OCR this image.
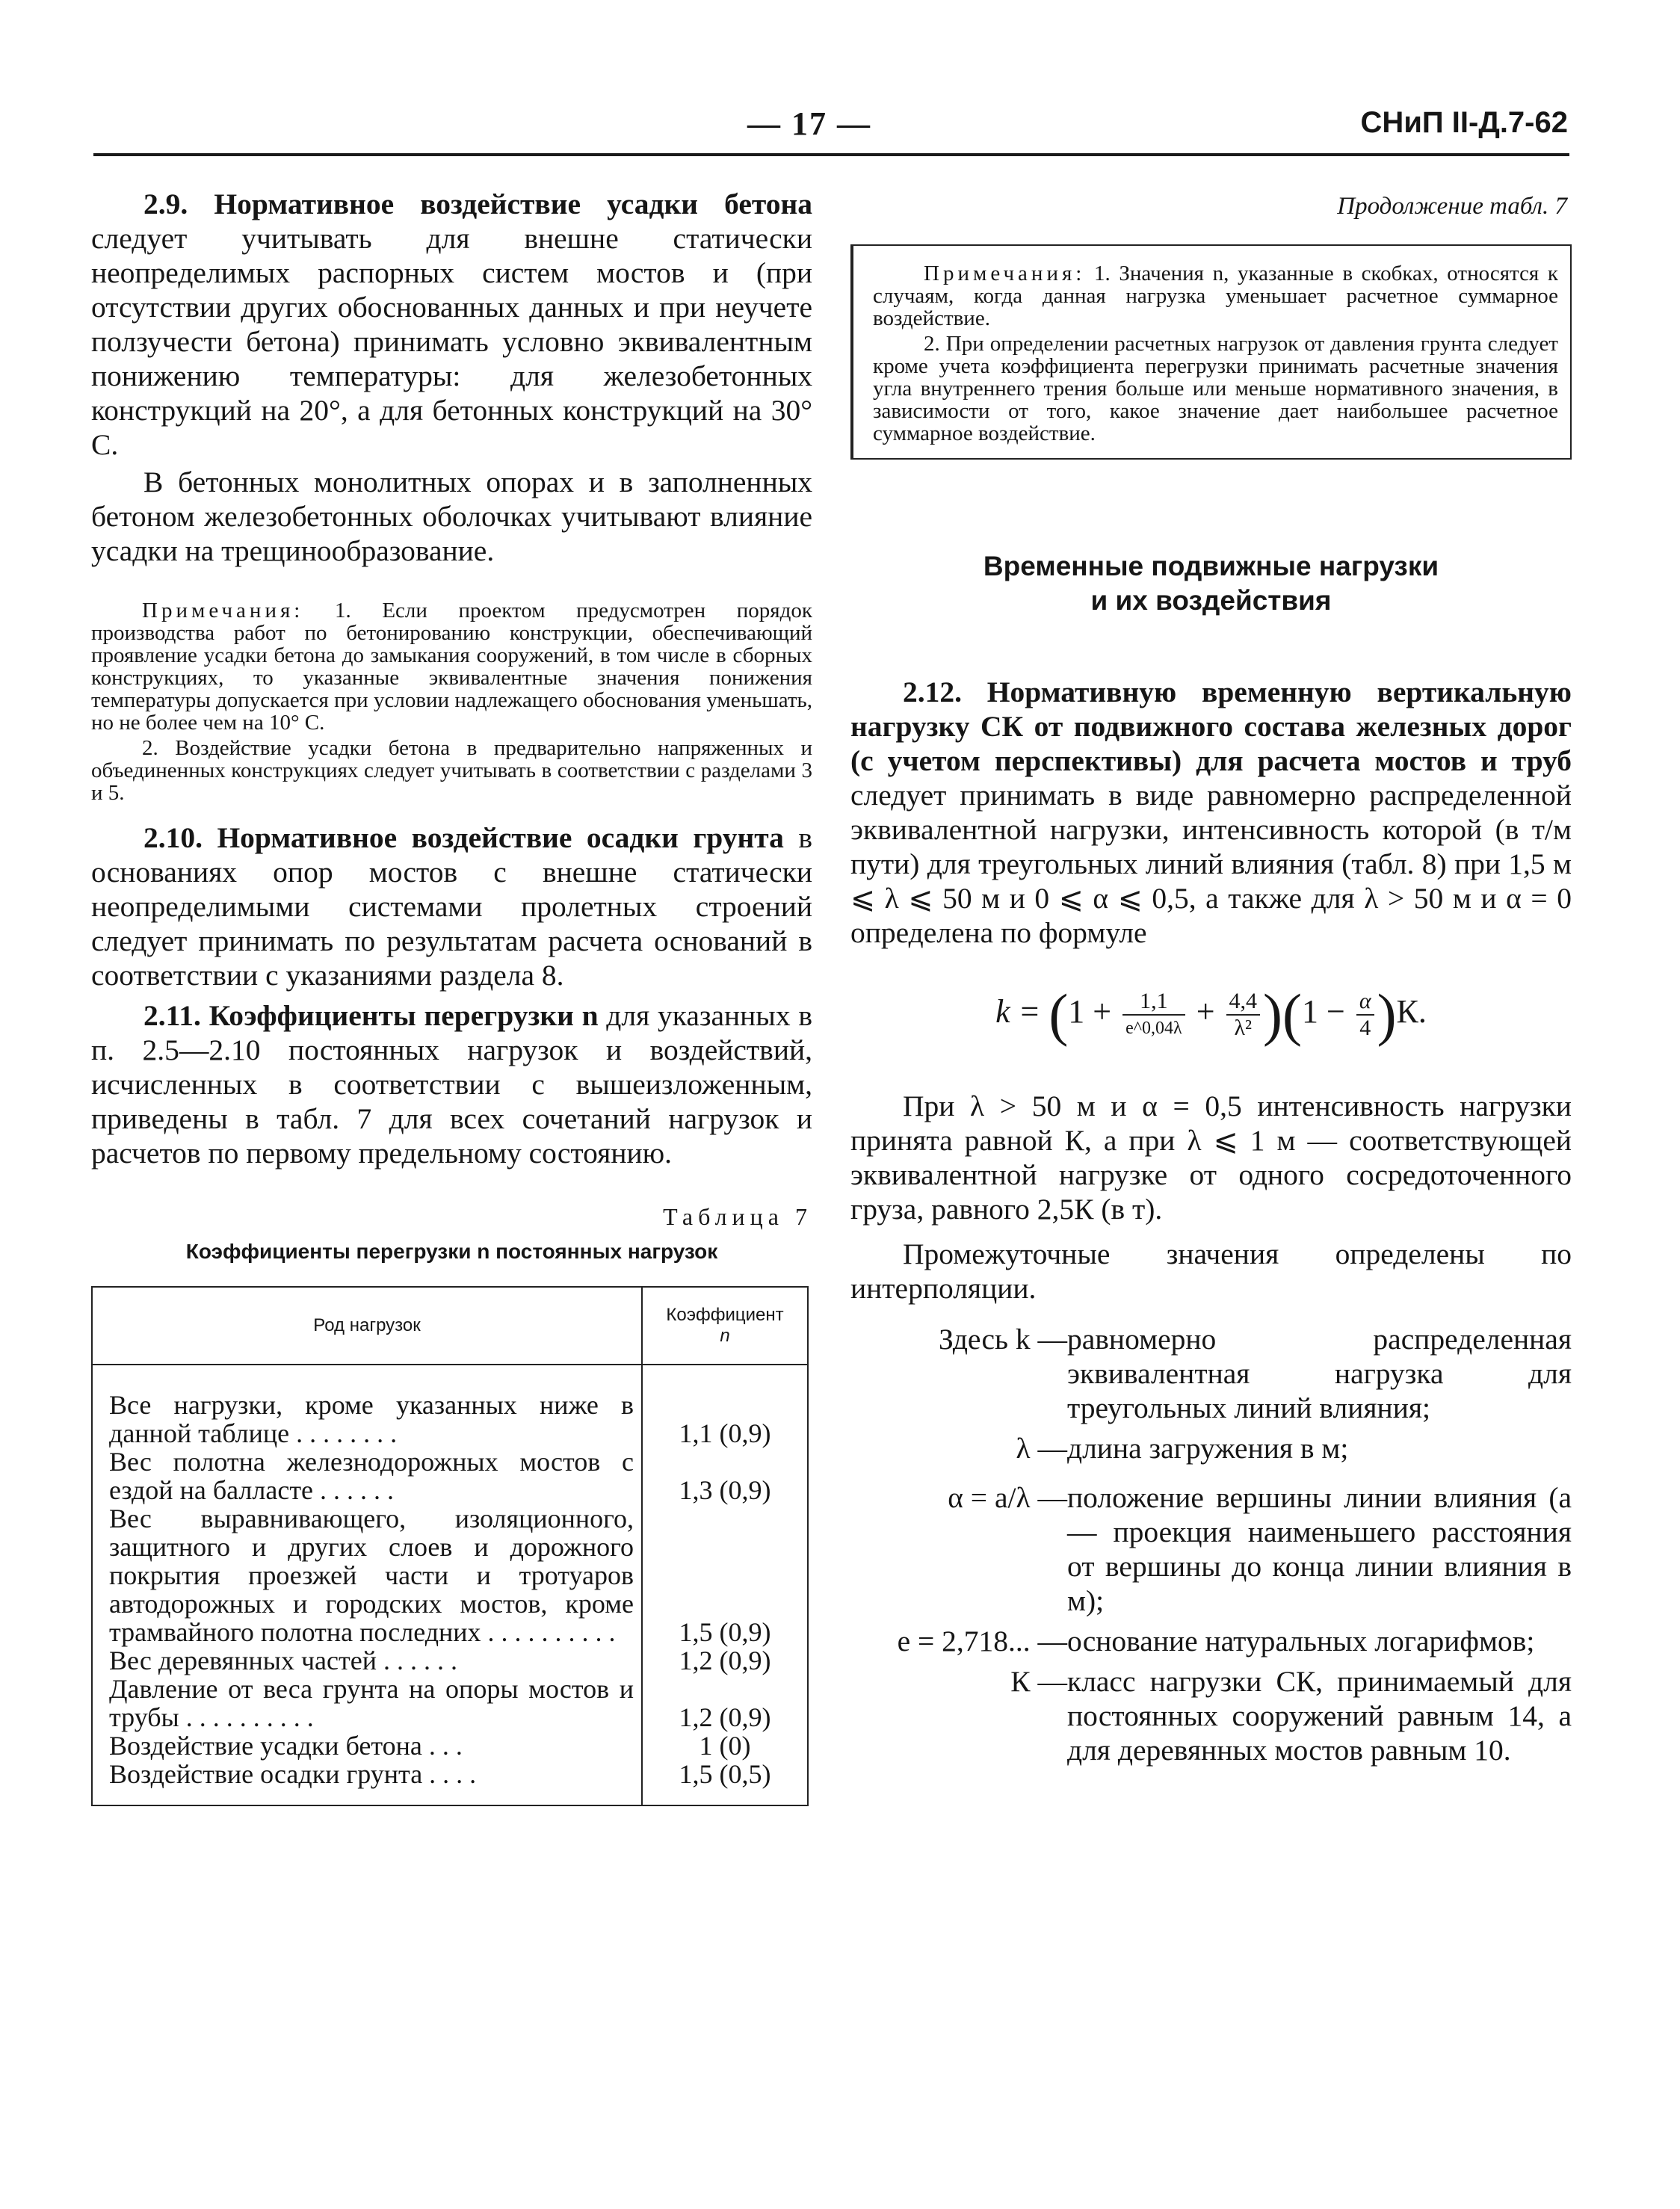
— 17 —	СНиП II-Д.7-62

2.9. Нормативное воздействие усадки бетона следует учитывать для внешне статически неопределимых распорных систем мостов и (при отсутствии других обоснованных данных и при неучете ползучести бетона) принимать условно эквивалентным понижению температуры: для железобетонных конструкций на 20°, а для бетонных конструкций на 30° С.

В бетонных монолитных опорах и в заполненных бетоном железобетонных оболочках учитывают влияние усадки на трещинообразование.

Примечания: 1. Если проектом предусмотрен порядок производства работ по бетонированию конструкции, обеспечивающий проявление усадки бетона до замыкания сооружений, в том числе в сборных конструкциях, то указанные эквивалентные значения понижения температуры допускается при условии надлежащего обоснования уменьшать, но не более чем на 10° С.

2. Воздействие усадки бетона в предварительно напряженных и объединенных конструкциях следует учитывать в соответствии с разделами 3 и 5.

2.10. Нормативное воздействие осадки грунта в основаниях опор мостов с внешне статически неопределимыми системами пролетных строений следует принимать по результатам расчета оснований в соответствии с указаниями раздела 8.

2.11. Коэффициенты перегрузки n для указанных в п. 2.5—2.10 постоянных нагрузок и воздействий, исчисленных в соответствии с вышеизложенным, приведены в табл. 7 для всех сочетаний нагрузок и расчетов по первому предельному состоянию.

Таблица 7

Коэффициенты перегрузки n постоянных нагрузок

Род нагрузок	Коэффициент
n

Все нагрузки, кроме указанных ниже в данной таблице . . . . . . . .	1,1 (0,9)
Вес полотна железнодорожных мостов с ездой на балласте . . . . . .	1,3 (0,9)
Вес выравнивающего, изоляционного, защитного и других слоев и дорожного покрытия проезжей части и тротуаров автодорожных и городских мостов, кроме трамвайного полотна последних . . . . . . . . . .	1,5 (0,9)
Вес деревянных частей . . . . . .	1,2 (0,9)
Давление от веса грунта на опоры мостов и трубы . . . . . . . . . .	1,2 (0,9)
Воздействие усадки бетона . . .	1 (0)
Воздействие осадки грунта . . . .	1,5 (0,5)

Продолжение табл. 7

Примечания: 1. Значения n, указанные в скобках, относятся к случаям, когда данная нагрузка уменьшает расчетное суммарное воздействие.

2. При определении расчетных нагрузок от давления грунта следует кроме учета коэффициента перегрузки принимать расчетные значения угла внутреннего трения больше или меньше нормативного значения, в зависимости от того, какое значение дает наибольшее расчетное суммарное воздействие.

Временные подвижные нагрузки

и их воздействия

2.12. Нормативную временную вертикальную нагрузку СК от подвижного состава железных дорог (с учетом перспективы) для расчета мостов и труб следует принимать в виде равномерно распределенной эквивалентной нагрузки, интенсивность которой (в т/м пути) для треугольных линий влияния (табл. 8) при 1,5 м ⩽ λ ⩽ 50 м и 0 ⩽ α ⩽ 0,5, а также для λ > 50 м и α = 0 определена по формуле

$k = (1 + \frac{1,1}{e\^{}0,04\lambda} + \frac{4,4}{\text{λ²}} )(1 - \frac{\alpha}{4} )К$.

При λ > 50 м и α = 0,5 интенсивность нагрузки принята равной К, а при λ ⩽ 1 м — соответствующей эквивалентной нагрузке от одного сосредоточенного груза, равного 2,5К (в т).

Промежуточные значения определены по интерполяции.

Здесь k — равномерно распределенная эквивалентная нагрузка для треугольных линий влияния;
λ — длина загружения в м;
α = a/λ — положение вершины линии влияния (a — проекция наименьшего расстояния от вершины до конца линии влияния в м);
e = 2,718... — основание натуральных логарифмов;
К — класс нагрузки СК, принимаемый для постоянных сооружений равным 14, а для деревянных мостов равным 10.
